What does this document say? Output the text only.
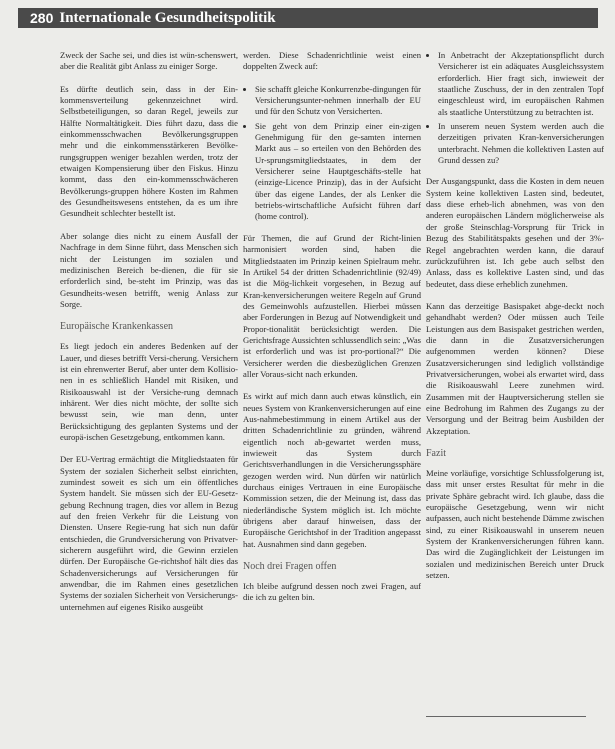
280 Internationale Gesundheitspolitik

Zweck der Sache sei, und dies ist wün-schenswert, aber die Realität gibt Anlass zu einiger Sorge.

Es dürfte deutlich sein, dass in der Ein-kommensverteilung gekennzeichnet wird. Selbstbeteiligungen, so daran Regel, jeweils zur Hälfte Normaltätigkeit. Dies führt dazu, dass die einkommensschwachen Bevölkerungsgruppen mehr und die einkommensstärkeren Bevölke-rungsgruppen weniger bezahlen werden, trotz der etwaigen Kompensierung über den Fiskus. Hinzu kommt, dass den ein-kommensschwächeren Bevölkerungs-gruppen höhere Kosten im Rahmen des Gesundheitswesens entstehen, da es um ihre Gesundheit schlechter bestellt ist.

Aber solange dies nicht zu einem Ausfall der Nachfrage in dem Sinne führt, dass Menschen sich nicht der Leistungen im sozialen und medizinischen Bereich be-dienen, die für sie erforderlich sind, be-steht im Prinzip, was das Gesundheits-wesen betrifft, wenig Anlass zur Sorge.

Europäische Krankenkassen

Es liegt jedoch ein anderes Bedenken auf der Lauer, und dieses betrifft Versi-cherung. Versichern ist ein ehrenwerter Beruf, aber unter dem Kollisio-nen in es schließlich Handel mit Risiken, und Risikoauswahl ist der Versiche-rung demnach inhärent. Wer dies nicht möchte, der sollte sich bewusst sein, wie man denn, unter Berücksichtigung des geplanten Systems und der europä-ischen Gesetzgebung, entkommen kann.

Der EU-Vertrag ermächtigt die Mitgliedstaaten für System der sozialen Sicherheit selbst einrichten, zumindest soweit es sich um ein öffentliches System handelt. Sie müssen sich der EU-Gesetz-gebung Rechnung tragen, dies vor allem in Bezug auf den freien Verkehr für die Leistung von Diensten. Unsere Regie-rung hat sich nun dafür entschieden, die Grundversicherung von Privatver-sicherern ausgeführt wird, die Gewinn erzielen dürfen. Der Europäische Ge-richtshof hält dies das Schadenversicherungs auf Versicherungen für anwendbar, die im Rahmen eines gesetzlichen Systems der sozialen Sicherheit von Versicherungs-unternehmen auf eigenes Risiko ausgeübt

werden. Diese Schadenrichtlinie weist einen doppelten Zweck auf:

• Sie schafft gleiche Konkurrenzbe-dingungen für Versicherungsunter-nehmen innerhalb der EU und für den Schutz von Versicherten.
• Sie geht von dem Prinzip einer ein-zigen Genehmigung für den ge-samten internen Markt aus – so erteilen von den Behörden des Ur-sprungsmitgliedstaates, in dem der Versicherer seine Hauptgeschäfts-stelle hat (einzige-Licence Prinzip), das in der Aufsicht über das eigene Landes, der als Lenker die betriebs-wirtschaftliche Aufsicht führen darf (home control).

Für Themen, die auf Grund der Richt-linien harmonisiert worden sind, haben die Mitgliedstaaten im Prinzip keinen Spielraum mehr. In Artikel 54 der dritten Schadenrichtlinie (92/49) ist die Mög-lichkeit vorgesehen, in Bezug auf Kran-kenversicherungen weitere Regeln auf Grund des Gemeinwohls aufzustellen. Hierbei müssen aber Forderungen in Bezug auf Notwendigkeit und Propor-tionalität berücksichtigt werden. Die Gerichtsfrage Aussichten schlussendlich sein: „Was ist erforderlich und was ist pro-portional?“ Die Versicherer werden die diesbezüglichen Grenzen aller Voraus-sicht nach erkunden.

Es wirkt auf mich dann auch etwas künstlich, ein neues System von Krankenversicherungen auf eine Aus-nahmebestimmung in einem Artikel aus der dritten Schadenrichtlinie zu gründen, während eigentlich noch ab-gewartet werden muss, inwieweit das System durch Gerichtsverhandlungen in die Versicherungssphäre gezogen werden wird. Nun dürfen wir natürlich durchaus einiges Vertrauen in eine Europäische Kommission setzen, die der Meinung ist, dass das niederländische System möglich ist. Ich möchte übrigens aber darauf hinweisen, dass der Europäische Gerichtshof in der Tradition angepasst hat. Ausnahmen sind dann gegeben.

Noch drei Fragen offen

Ich bleibe aufgrund dessen noch zwei Fragen, auf die ich zu gelten bin.

• In Anbetracht der Akzeptationspflicht durch Versicherer ist ein adäquates Ausgleichssystem erforderlich. Hier fragt sich, inwieweit der staatliche Zuschuss, der in den zentralen Topf eingeschleust wird, im europäischen Rahmen als staatliche Unterstützung zu betrachten ist.
• In unserem neuen System werden auch die derzeitigen privaten Kran-kenversicherungen unterbracht. Nehmen die kollektiven Lasten auf Grund dessen zu?

Der Ausgangspunkt, dass die Kosten in dem neuen System keine kollektiven Lasten sind, bedeutet, dass diese erheb-lich abnehmen, was von den anderen europäischen Ländern möglicherweise als der große Steinschlag-Vorsprung für Trick in Bezug des Stabilitätspakts gesehen und der 3%-Regel angebrachten werden kann, die darauf zurückzuführen ist. Ich gebe auch selbst den Anlass, dass es kollektive Lasten sind, und das bedeutet, dass diese erheblich zunehmen.

Kann das derzeitige Basispaket abge-deckt noch gehandhabt werden? Oder müssen auch Teile Leistungen aus dem Basispaket gestrichen werden, die dann in die Zusatzversicherungen aufgenommen werden können? Diese Zusatzversicherungen sind lediglich vollständige Privatversicherungen, wobei als erwartet wird, dass die Risikoauswahl Leere zunehmen wird. Zusammen mit der Hauptversicherung stellen sie eine Bedrohung im Rahmen des Zugangs zu der Versorgung und der Beitrag beim Ausbilden der Akzeptation.

Fazit

Meine vorläufige, vorsichtige Schlussfolgerung ist, dass mit unser erstes Resultat für mehr in die private Sphäre gebracht wird. Ich glaube, dass die europäische Gesetzgebung, wenn wir nicht aufpassen, auch nicht bestehende Dämme zwischen sind, zu einer Risikoauswahl in unserem neuen System der Krankenversicherungen führen kann. Das wird die Zugänglichkeit der Leistungen im sozialen und medizinischen Bereich unter Druck setzen.
